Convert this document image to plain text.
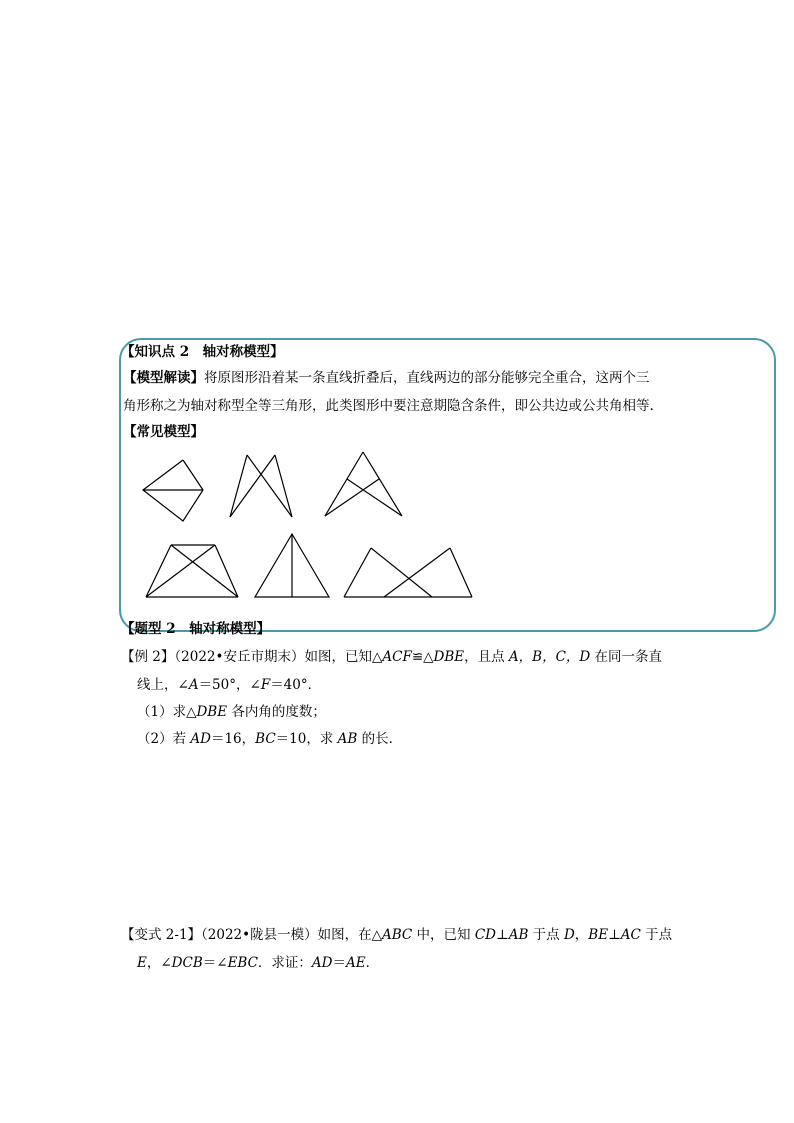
【知识点 2　轴对称模型】
【模型解读】将原图形沿着某一条直线折叠后，直线两边的部分能够完全重合，这两个三
角形称之为轴对称型全等三角形，此类图形中要注意期隐含条件，即公共边或公共角相等.
【常见模型】
【题型 2　轴对称模型】
【例 2】（2022•安丘市期末）如图，已知△ACF≌△DBE，且点 A，B，C，D 在同一条直
线上，∠A＝50°，∠F＝40°．
（1）求△DBE 各内角的度数；
（2）若 AD＝16，BC＝10，求 AB 的长．
【变式 2-1】（2022•陇县一模）如图，在△ABC 中，已知 CD⊥AB 于点 D，BE⊥AC 于点
E，∠DCB＝∠EBC．求证：AD＝AE．
